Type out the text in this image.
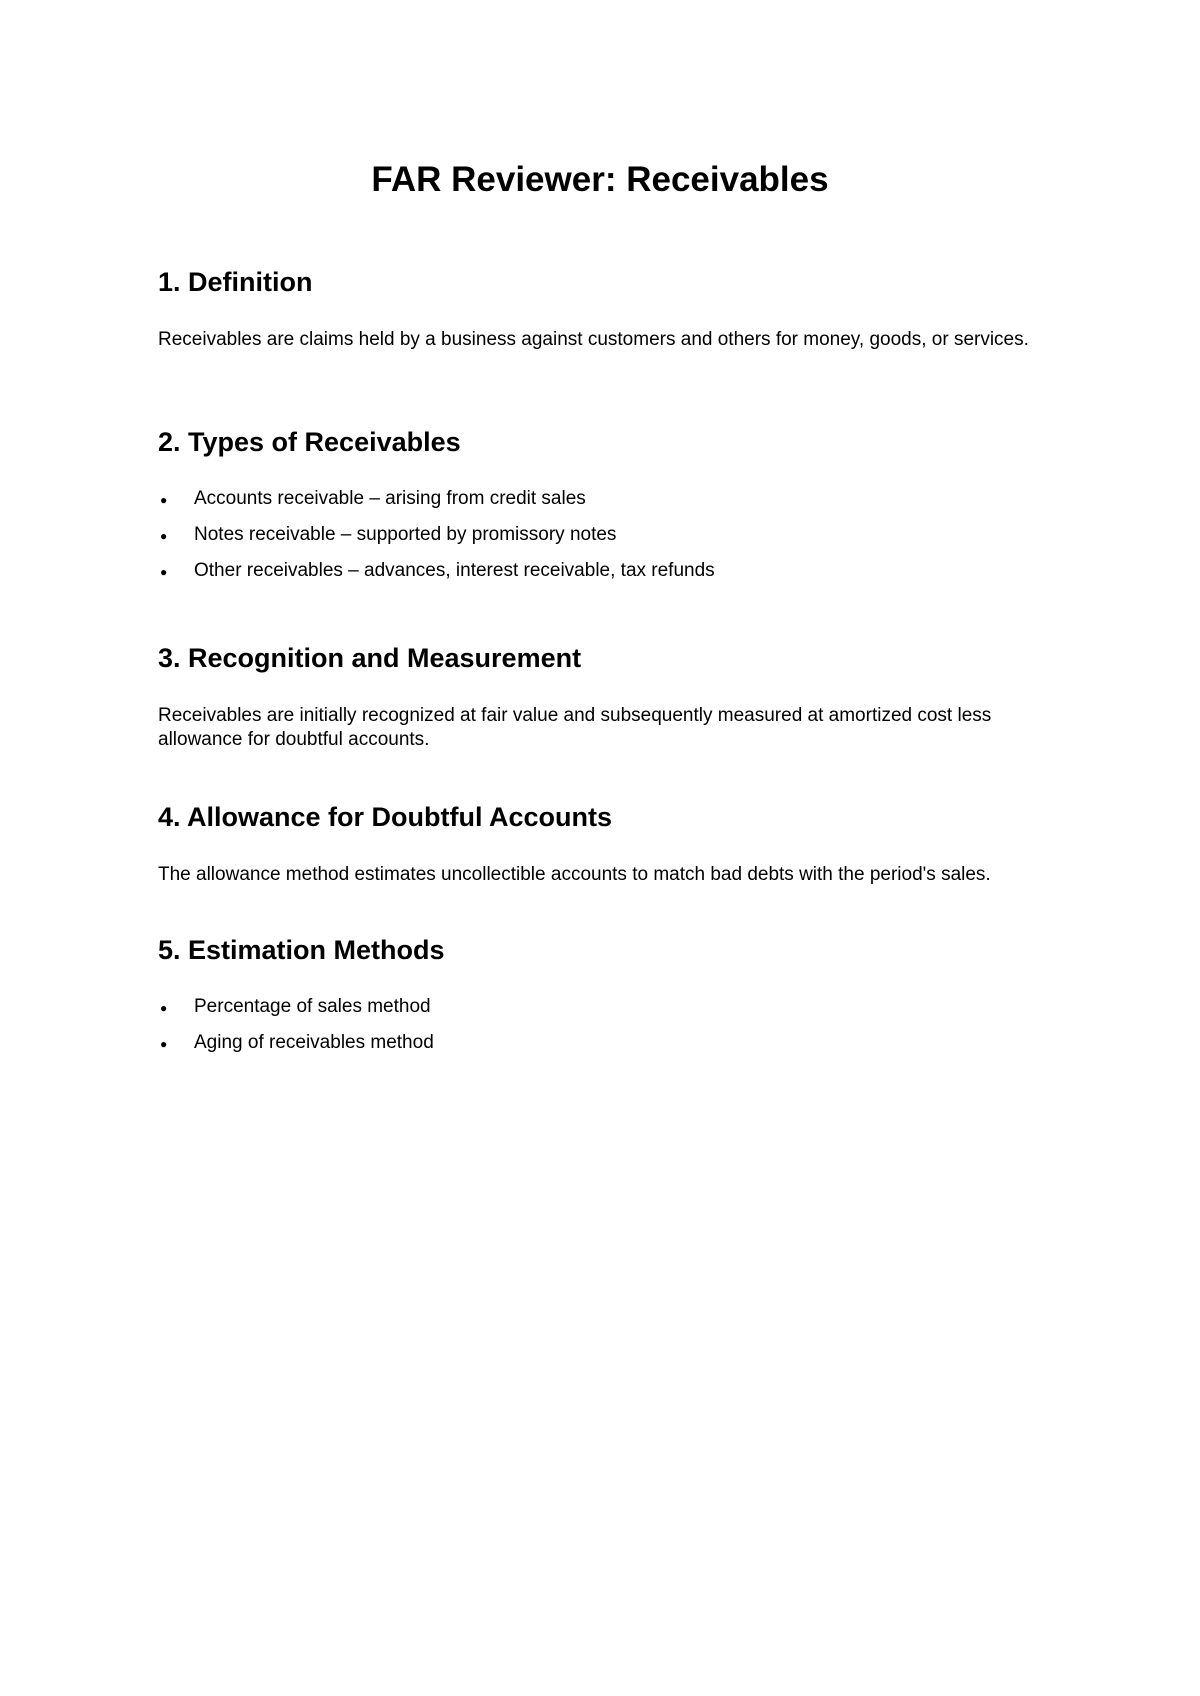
FAR Reviewer: Receivables
1. Definition

Receivables are claims held by a business against customers and others for money, goods, or services.

2. Types of Receivables
● Accounts receivable – arising from credit sales
● Notes receivable – supported by promissory notes
● Other receivables – advances, interest receivable, tax refunds
3. Recognition and Measurement

Receivables are initially recognized at fair value and subsequently measured at amortized cost less allowance for doubtful accounts.

4. Allowance for Doubtful Accounts

The allowance method estimates uncollectible accounts to match bad debts with the period's sales.

5. Estimation Methods
● Percentage of sales method
● Aging of receivables method
